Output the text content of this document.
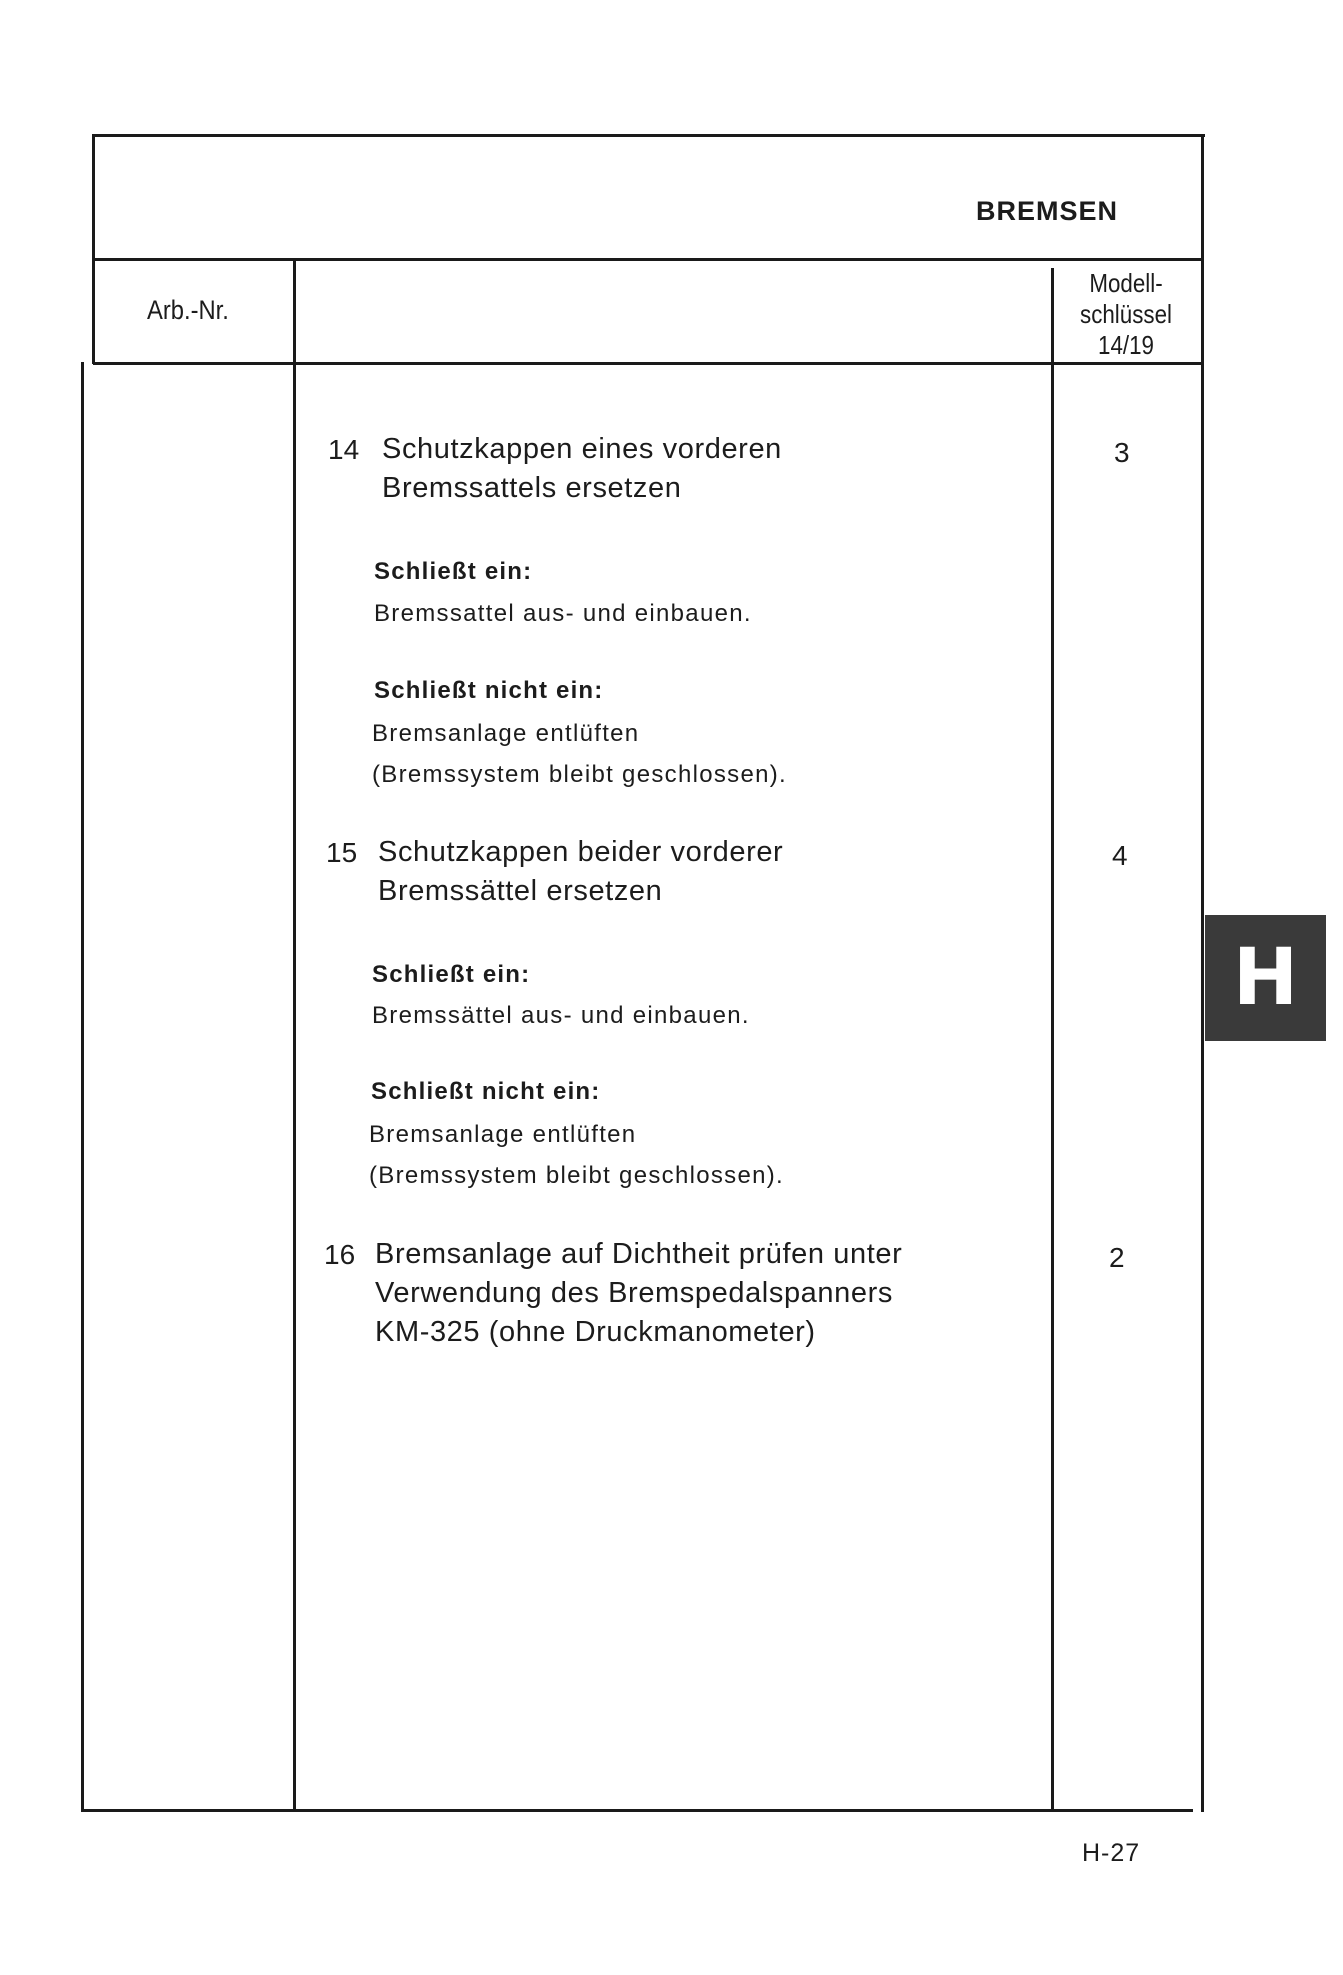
BREMSEN
Arb.-Nr.
Modell-
schlüssel
14/19
14 Schutzkappen eines vorderen
Bremssattels ersetzen
3
Schließt ein:
Bremssattel aus- und einbauen.
Schließt nicht ein:
Bremsanlage entlüften
(Bremssystem bleibt geschlossen).
15 Schutzkappen beider vorderer
Bremssättel ersetzen
4
Schließt ein:
Bremssättel aus- und einbauen.
Schließt nicht ein:
Bremsanlage entlüften
(Bremssystem bleibt geschlossen).
16 Bremsanlage auf Dichtheit prüfen unter
Verwendung des Bremspedalspanners
KM-325 (ohne Druckmanometer)
2
H
H-27
